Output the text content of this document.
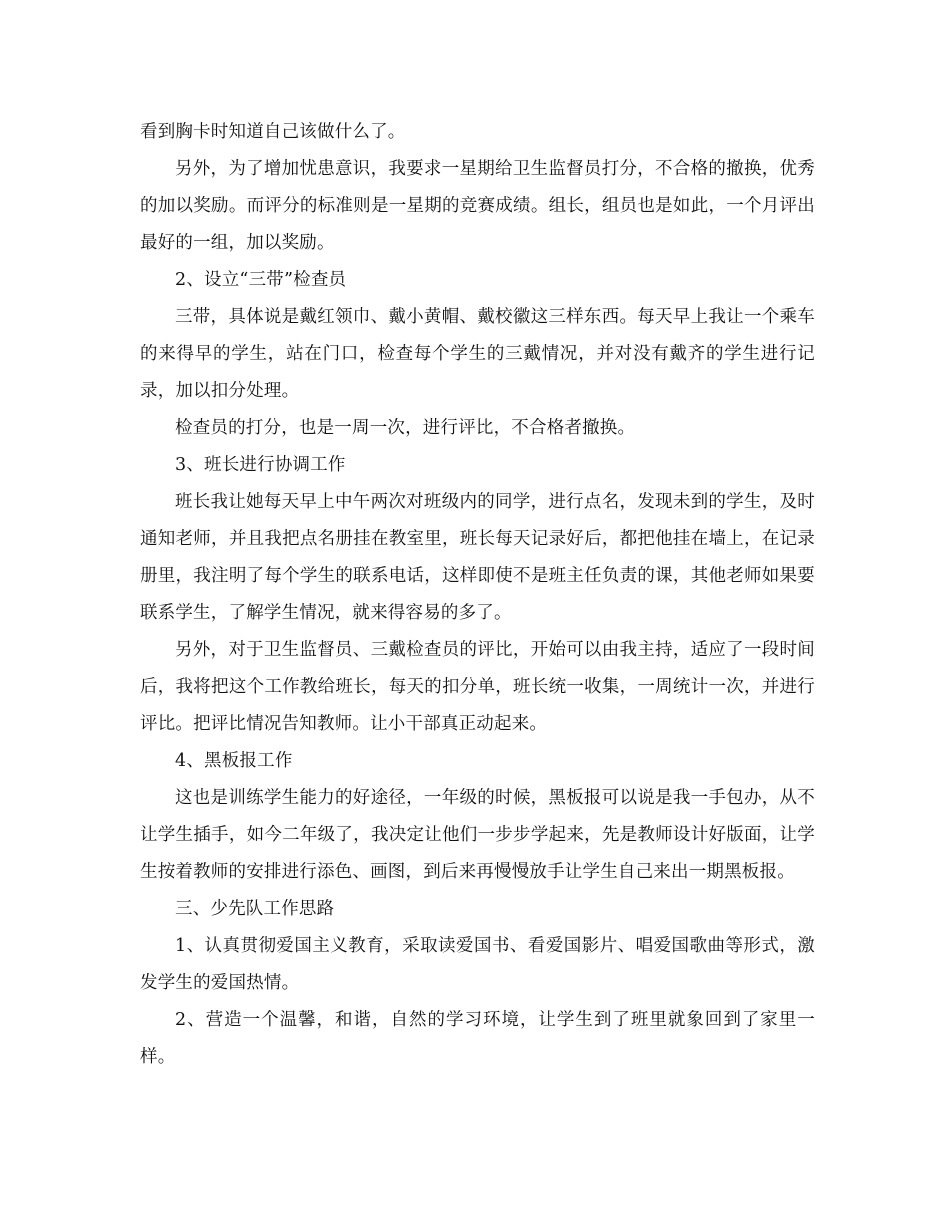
看到胸卡时知道自己该做什么了。

另外，为了增加忧患意识，我要求一星期给卫生监督员打分，不合格的撤换，优秀的加以奖励。而评分的标准则是一星期的竞赛成绩。组长，组员也是如此，一个月评出最好的一组，加以奖励。

2、设立“三带”检查员

三带，具体说是戴红领巾、戴小黄帽、戴校徽这三样东西。每天早上我让一个乘车的来得早的学生，站在门口，检查每个学生的三戴情况，并对没有戴齐的学生进行记录，加以扣分处理。

检查员的打分，也是一周一次，进行评比，不合格者撤换。

3、班长进行协调工作

班长我让她每天早上中午两次对班级内的同学，进行点名，发现未到的学生，及时通知老师，并且我把点名册挂在教室里，班长每天记录好后，都把他挂在墙上，在记录册里，我注明了每个学生的联系电话，这样即使不是班主任负责的课，其他老师如果要联系学生，了解学生情况，就来得容易的多了。

另外，对于卫生监督员、三戴检查员的评比，开始可以由我主持，适应了一段时间后，我将把这个工作教给班长，每天的扣分单，班长统一收集，一周统计一次，并进行评比。把评比情况告知教师。让小干部真正动起来。

4、黑板报工作

这也是训练学生能力的好途径，一年级的时候，黑板报可以说是我一手包办，从不让学生插手，如今二年级了，我决定让他们一步步学起来，先是教师设计好版面，让学生按着教师的安排进行添色、画图，到后来再慢慢放手让学生自己来出一期黑板报。

三、少先队工作思路

1、认真贯彻爱国主义教育，采取读爱国书、看爱国影片、唱爱国歌曲等形式，激发学生的爱国热情。

2、营造一个温馨，和谐，自然的学习环境，让学生到了班里就象回到了家里一样。
